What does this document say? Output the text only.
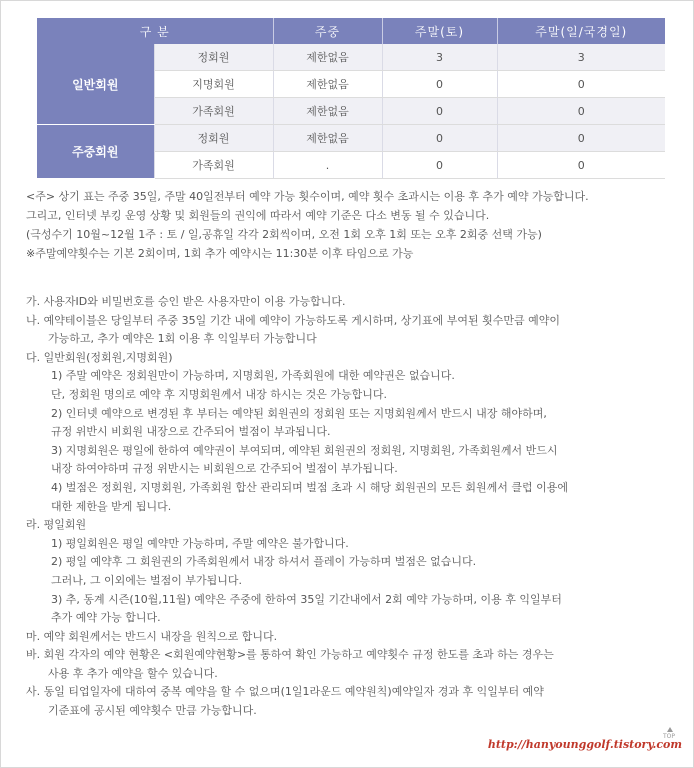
구 분		주중	주말(토)	주말(일/국경일)
일반회원	정회원	제한없음	3	3
	지명회원	제한없음	0	0
	가족회원	제한없음	0	0
주중회원	정회원	제한없음	0	0
	가족회원	.	0	0

<주> 상기 표는 주중 35일, 주말 40일전부터 예약 가능 횟수이며, 예약 횟수 초과시는 이용 후 추가 예약 가능합니다.

그리고, 인터넷 부킹 운영 상황 및 회원들의 권익에 따라서 예약 기준은 다소 변동 될 수 있습니다.

(극성수기 10월~12월 1주 : 토 / 일,공휴일 각각 2회씩이며, 오전 1회 오후 1회 또는 오후 2회중 선택 가능)

※주말예약횟수는 기본 2회이며, 1회 추가 예약시는 11:30분 이후 타임으로 가능

가. 사용자ID와 비밀번호를 승인 받은 사용자만이 이용 가능합니다.

나. 예약테이블은 당일부터 주중 35일 기간 내에 예약이 가능하도록 게시하며, 상기표에 부여된 횟수만큼 예약이

가능하고, 추가 예약은 1회 이용 후 익일부터 가능합니다

다. 일반회원(정회원,지명회원)

1) 주말 예약은 정회원만이 가능하며, 지명회원, 가족회원에 대한 예약권은 없습니다.

단, 정회원 명의로 예약 후 지명회원께서 내장 하시는 것은 가능합니다.

2) 인터넷 예약으로 변경된 후 부터는 예약된 회원권의 정회원 또는 지명회원께서 반드시 내장 해야하며,

규정 위반시 비회원 내장으로 간주되어 벌점이 부과됩니다.

3) 지명회원은 평일에 한하여 예약권이 부여되며, 예약된 회원권의 정회원, 지명회원, 가족회원께서 반드시

내장 하여야하며 규정 위반시는 비회원으로 간주되어 벌점이 부가됩니다.

4) 벌점은 정회원, 지명회원, 가족회원 합산 관리되며 벌점 초과 시 해당 회원권의 모든 회원께서 클럽 이용에

대한 제한을 받게 됩니다.

라. 평일회원

1) 평일회원은 평일 예약만 가능하며, 주말 예약은 불가합니다.

2) 평일 예약후 그 회원권의 가족회원께서 내장 하셔서 플레이 가능하며 벌점은 없습니다.

그러나, 그 이외에는 벌점이 부가됩니다.

3) 추, 동계 시즌(10월,11월) 예약은 주중에 한하여 35일 기간내에서 2회 예약 가능하며, 이용 후 익일부터

추가 예약 가능 합니다.

마. 예약 회원께서는 반드시 내장을 원칙으로 합니다.

바. 회원 각자의 예약 현황은 <회원예약현황>를 통하여 확인 가능하고 예약횟수 규정 한도를 초과 하는 경우는

사용 후 추가 예약을 할수 있습니다.

사. 동일 티업일자에 대하여 중복 예약을 할 수 없으며(1일1라운드 예약원칙)예약일자 경과 후 익일부터 예약

기준표에 공시된 예약횟수 만큼 가능합니다.

TOP
http://hanyounggolf.tistory.com
